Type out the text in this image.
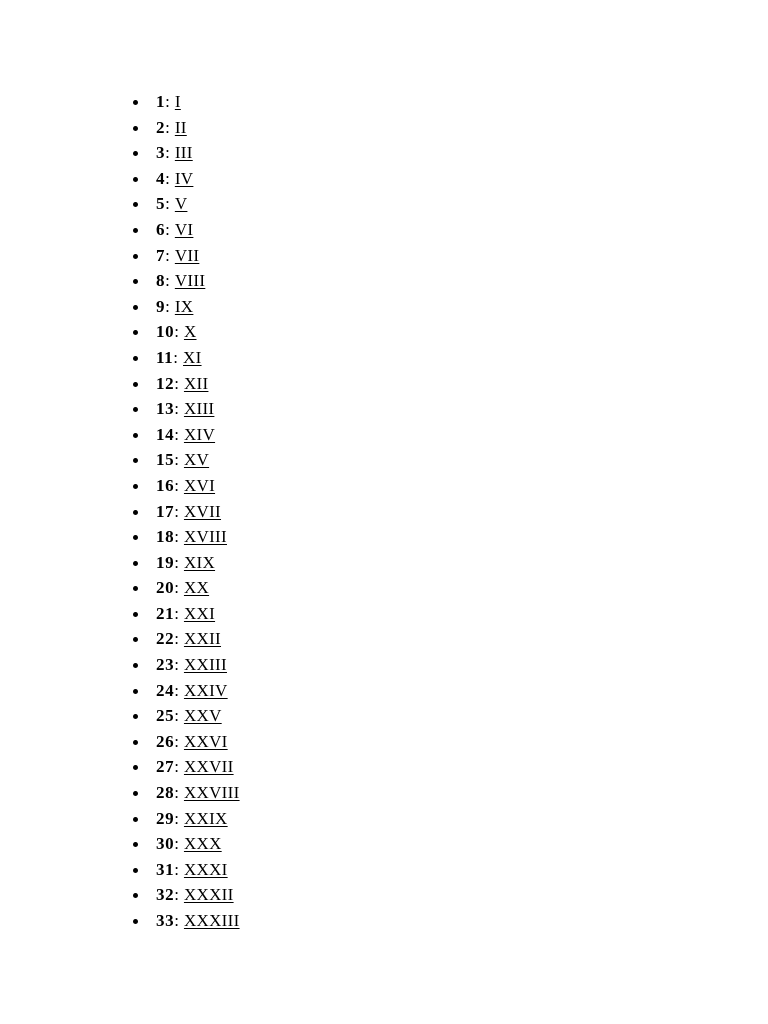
1: I
2: II
3: III
4: IV
5: V
6: VI
7: VII
8: VIII
9: IX
10: X
11: XI
12: XII
13: XIII
14: XIV
15: XV
16: XVI
17: XVII
18: XVIII
19: XIX
20: XX
21: XXI
22: XXII
23: XXIII
24: XXIV
25: XXV
26: XXVI
27: XXVII
28: XXVIII
29: XXIX
30: XXX
31: XXXI
32: XXXII
33: XXXIII
